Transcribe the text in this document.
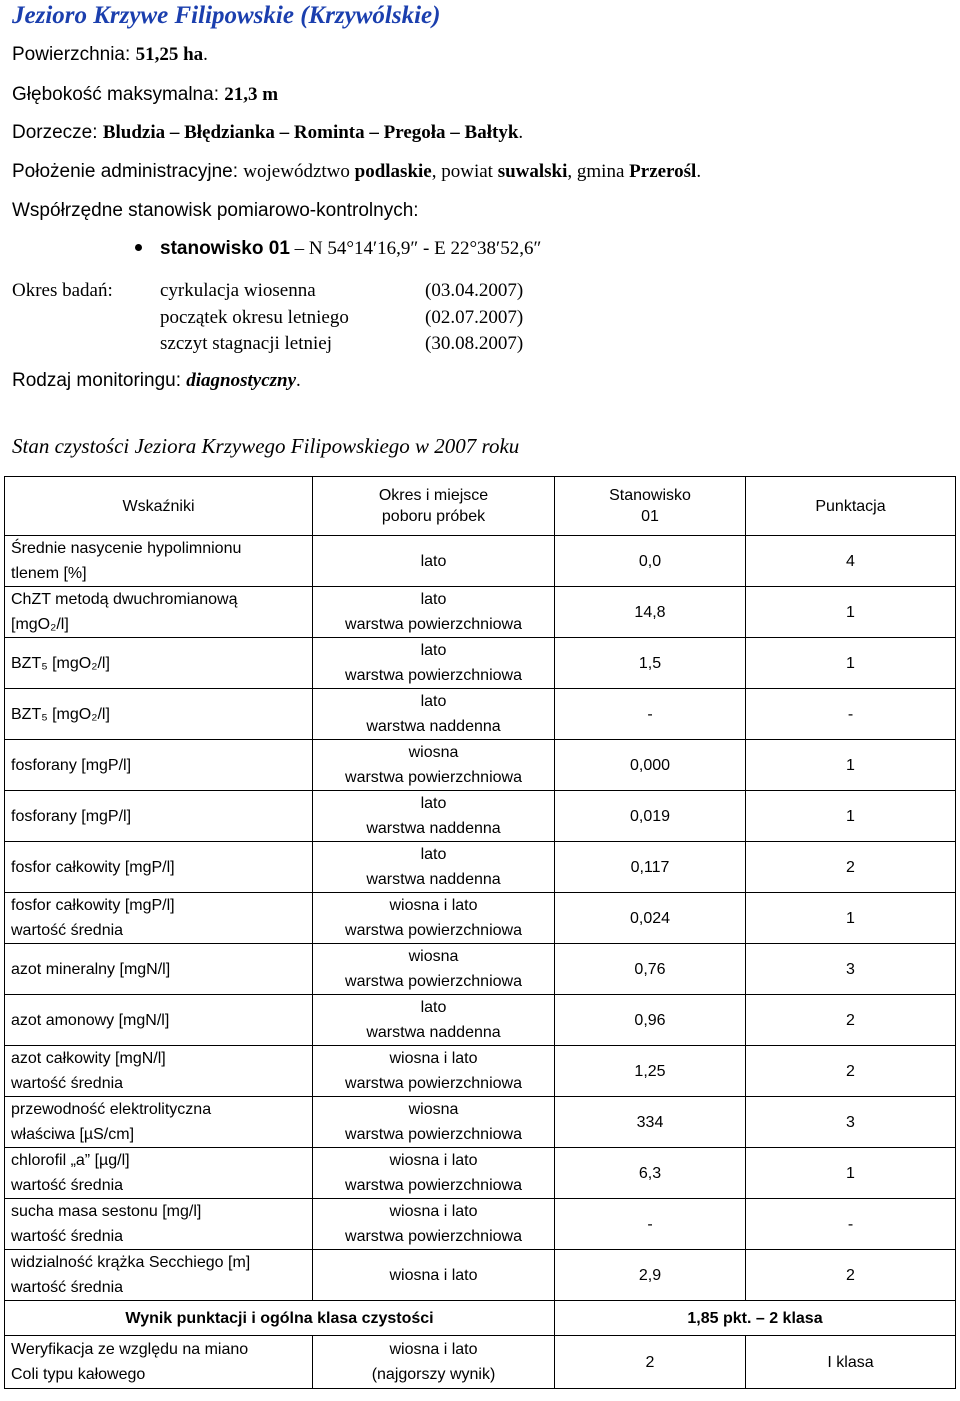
Jezioro Krzywe Filipowskie (Krzywólskie)
Powierzchnia: 51,25 ha.
Głębokość maksymalna: 21,3 m
Dorzecze: Bludzia – Błędzianka – Rominta – Pregoła – Bałtyk.
Położenie administracyjne: województwo podlaskie, powiat suwalski, gmina Przerośl.
Współrzędne stanowisk pomiarowo-kontrolnych:
stanowisko 01 – N 54°14′16,9″ - E 22°38′52,6″
Okres badań: cyrkulacja wiosenna	(03.04.2007)
początek okresu letniego	(02.07.2007)
szczyt stagnacji letniej	(30.08.2007)
Rodzaj monitoringu: diagnostyczny.
Stan czystości Jeziora Krzywego Filipowskiego w 2007 roku
Wskaźniki	Okres i miejsce
poboru próbek	Stanowisko
01	Punktacja

Średnie nasycenie hypolimnionu
tlenem [%]	lato	0,0	4

ChZT metodą dwuchromianową
[mgO₂/l]	lato
warstwa powierzchniowa	14,8	1

BZT₅ [mgO₂/l]	lato
warstwa powierzchniowa	1,5	1

BZT₅ [mgO₂/l]	lato
warstwa naddenna	-	-

fosforany [mgP/l]	wiosna
warstwa powierzchniowa	0,000	1

fosforany [mgP/l]	lato
warstwa naddenna	0,019	1

fosfor całkowity [mgP/l]	lato
warstwa naddenna	0,117	2

fosfor całkowity [mgP/l]
wartość średnia	wiosna i lato
warstwa powierzchniowa	0,024	1

azot mineralny [mgN/l]	wiosna
warstwa powierzchniowa	0,76	3

azot amonowy [mgN/l]	lato
warstwa naddenna	0,96	2

azot całkowity [mgN/l]
wartość średnia	wiosna i lato
warstwa powierzchniowa	1,25	2

przewodność elektrolityczna
właściwa [µS/cm]	wiosna
warstwa powierzchniowa	334	3

chlorofil „a” [µg/l]
wartość średnia	wiosna i lato
warstwa powierzchniowa	6,3	1

sucha masa sestonu [mg/l]
wartość średnia	wiosna i lato
warstwa powierzchniowa	-	-

widzialność krążka Secchiego [m]
wartość średnia	wiosna i lato	2,9	2
Wynik punktacji i ogólna klasa czystości		1,85 pkt. – 2 klasa	

Weryfikacja ze względu na miano
Coli typu kałowego	wiosna i lato
(najgorszy wynik)	2	I klasa
